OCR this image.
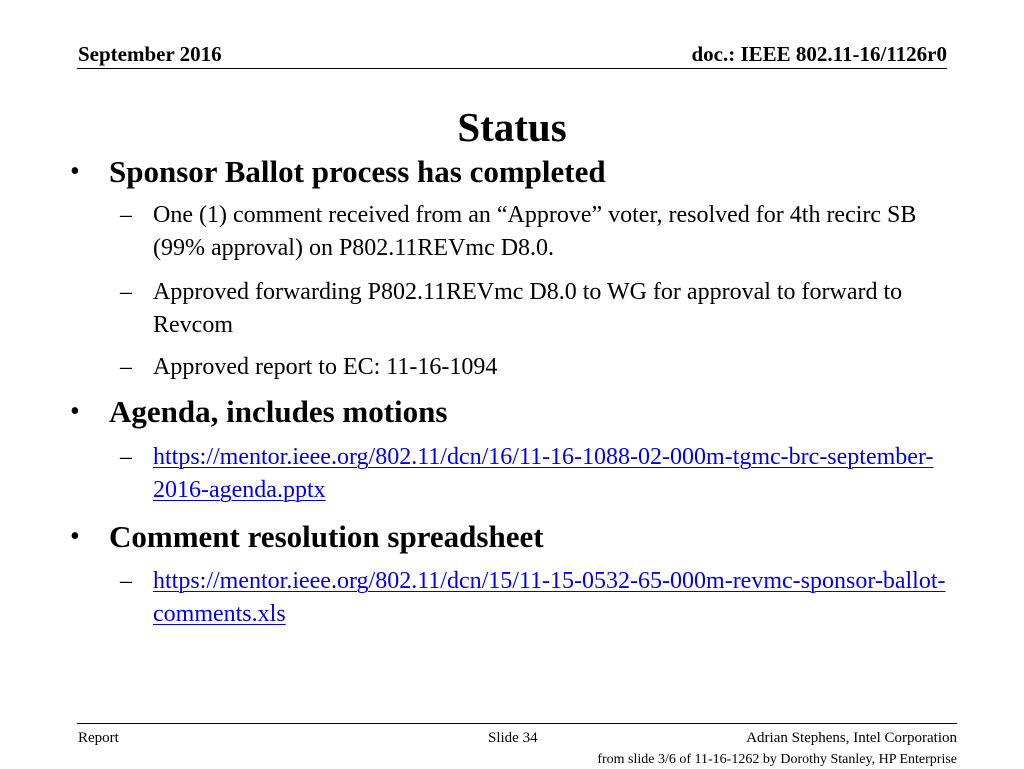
September 2016	doc.: IEEE 802.11-16/1126r0
Status
• Sponsor Ballot process has completed
– One (1) comment received from an “Approve” voter, resolved for 4th recirc SB (99% approval) on P802.11REVmc D8.0.
– Approved forwarding P802.11REVmc D8.0 to WG for approval to forward to Revcom
– Approved report to EC: 11-16-1094
• Agenda, includes motions
– https://mentor.ieee.org/802.11/dcn/16/11-16-1088-02-000m-tgmc-brc-september-2016-agenda.pptx
• Comment resolution spreadsheet
– https://mentor.ieee.org/802.11/dcn/15/11-15-0532-65-000m-revmc-sponsor-ballot-comments.xls
Report	Slide 34	Adrian Stephens, Intel Corporation
from slide 3/6 of 11-16-1262 by Dorothy Stanley, HP Enterprise
